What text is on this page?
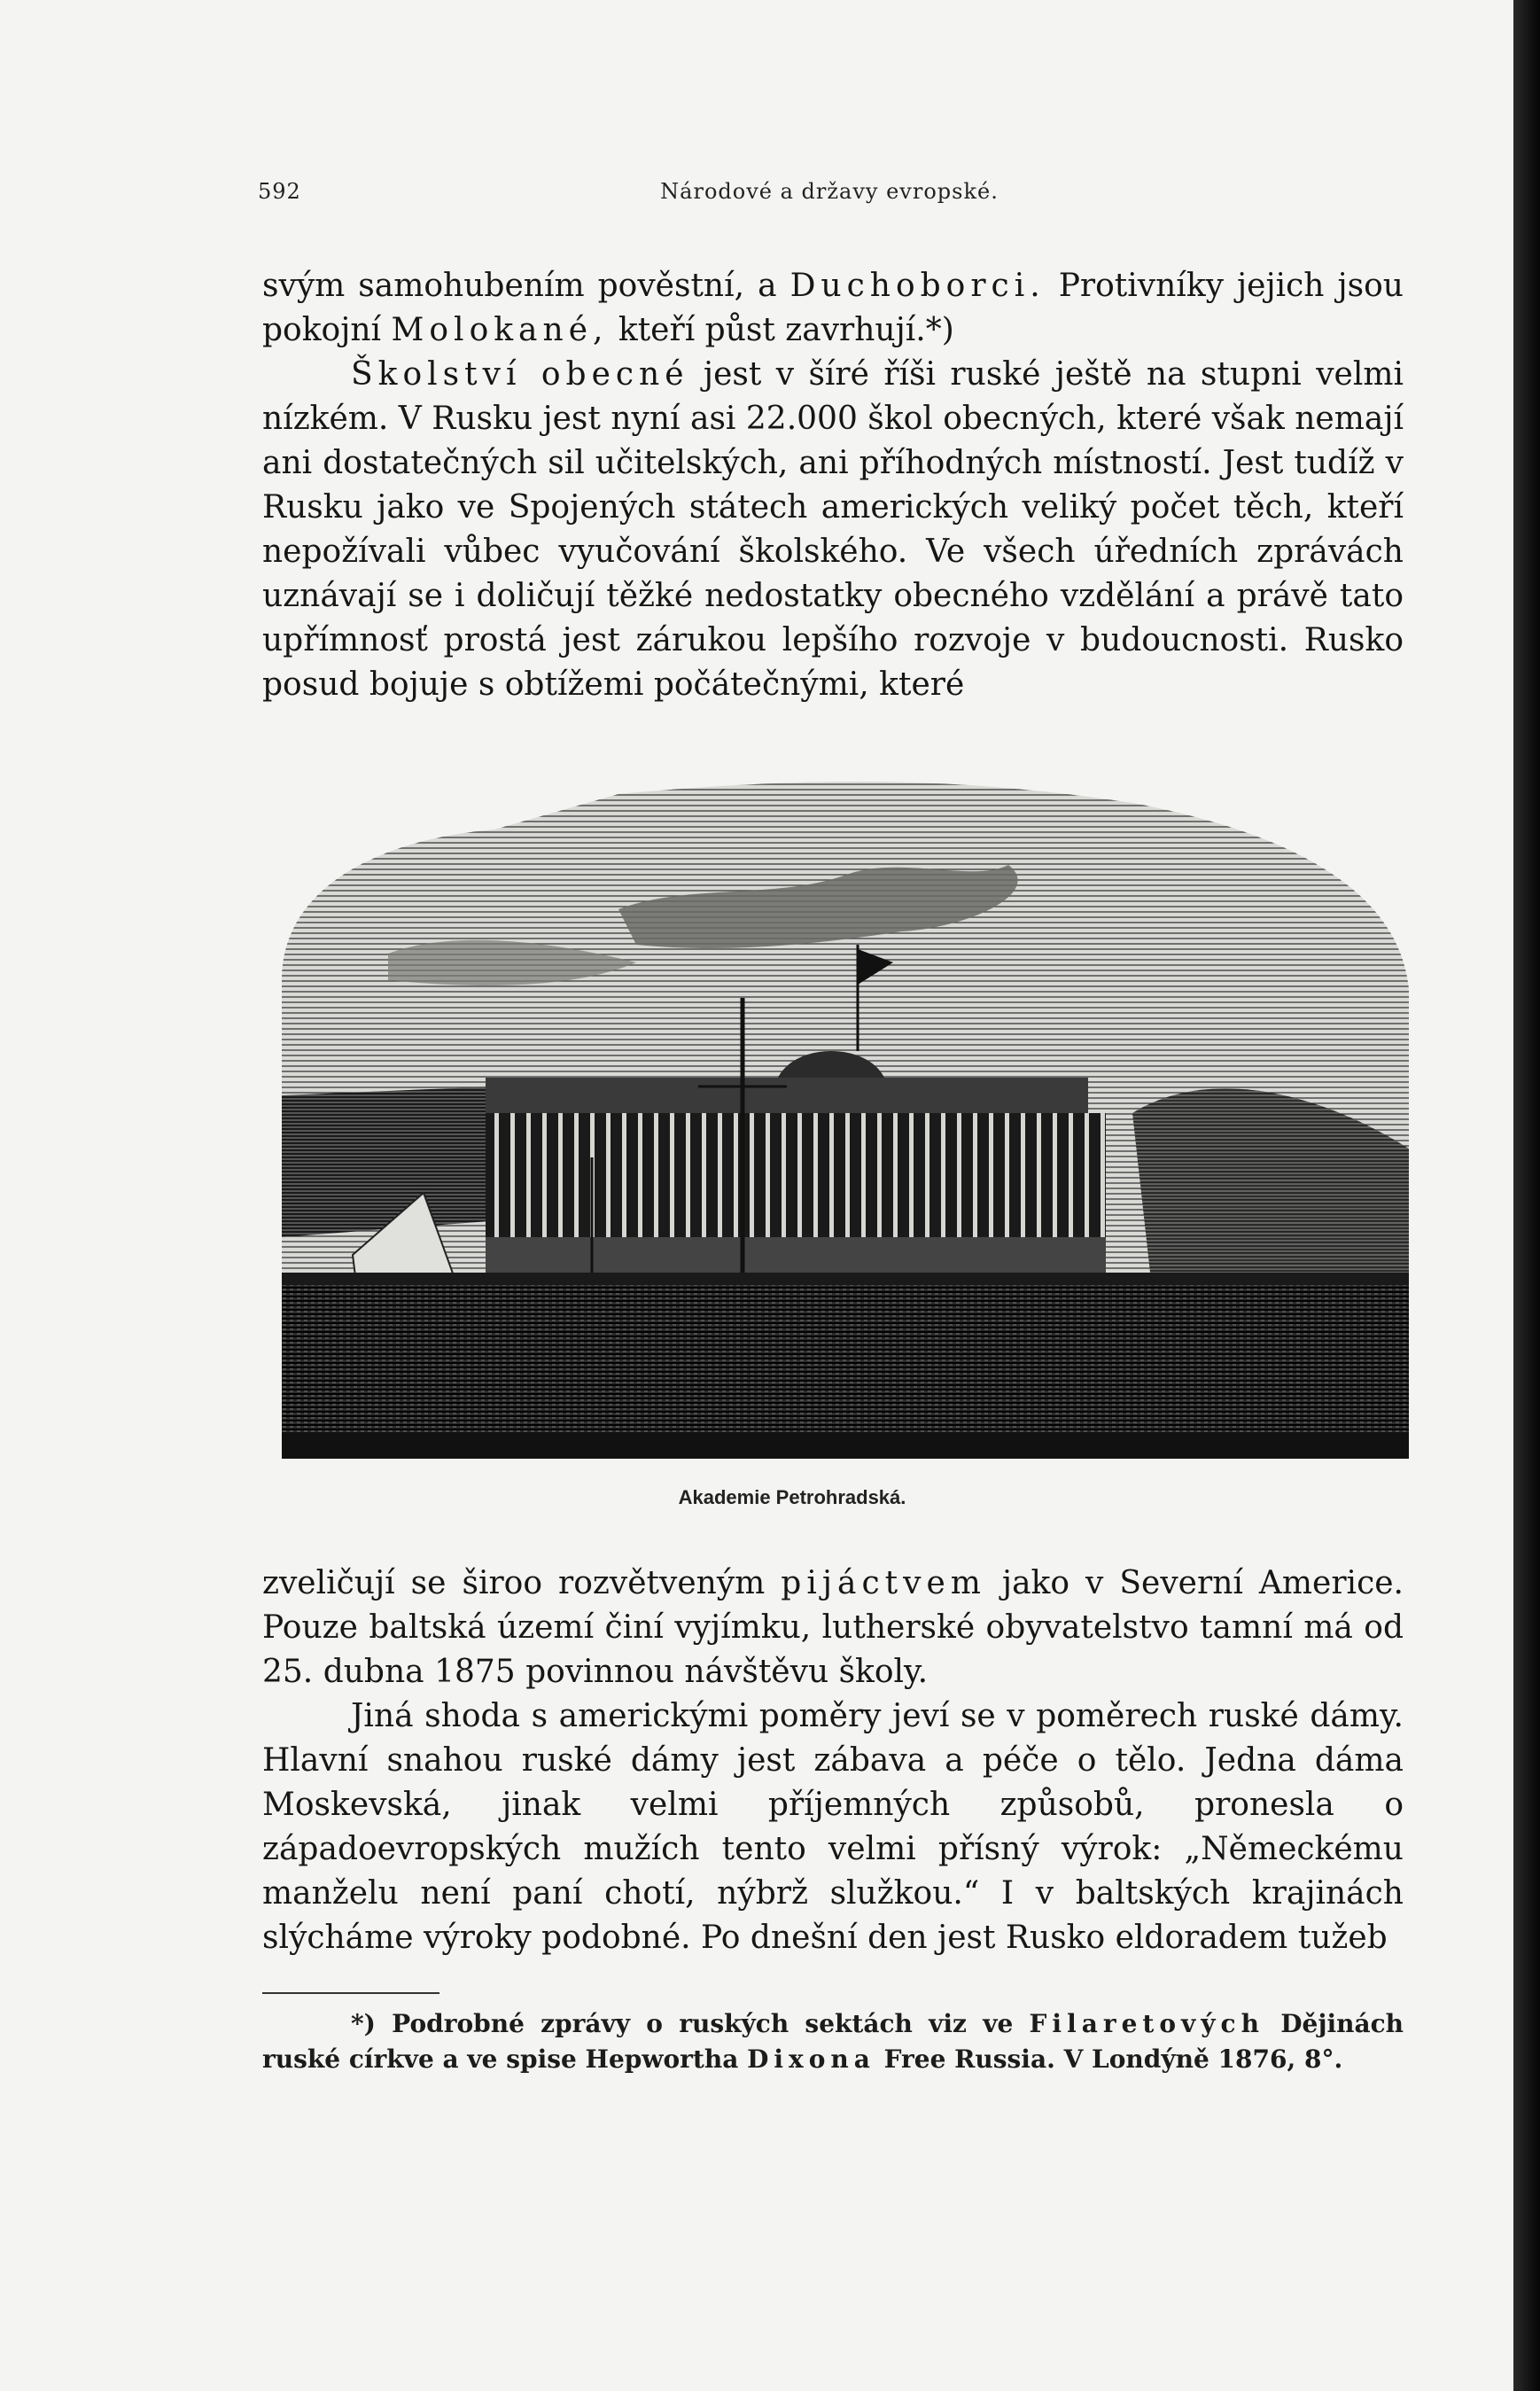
592	Národové a državy evropské.

svým samohubením pověstní, a Duchoborci. Protivníky jejich jsou pokojní Molokané, kteří půst zavrhují.*)

Školství obecné jest v šíré říši ruské ještě na stupni velmi nízkém. V Rusku jest nyní asi 22.000 škol obecných, které však nemají ani dostatečných sil učitelských, ani příhodných místností. Jest tudíž v Rusku jako ve Spojených státech amerických veliký počet těch, kteří nepožívali vůbec vyučování školského. Ve všech úředních zprávách uznávají se i doličují těžké nedostatky obecného vzdělání a právě tato upřímnosť prostá jest zárukou lepšího rozvoje v budoucnosti. Rusko posud bojuje s obtížemi počátečnými, které

Akademie Petrohradská.

zveličují se široo rozvětveným pijáctvem jako v Severní Americe. Pouze baltská území činí vyjímku, lutherské obyvatelstvo tamní má od 25. dubna 1875 povinnou návštěvu školy.

Jiná shoda s americkými poměry jeví se v poměrech ruské dámy. Hlavní snahou ruské dámy jest zábava a péče o tělo. Jedna dáma Moskevská, jinak velmi příjemných způsobů, pronesla o západoevropských mužích tento velmi přísný výrok: „Německému manželu není paní chotí, nýbrž služkou.“ I v baltských krajinách slýcháme výroky podobné. Po dnešní den jest Rusko eldoradem tužeb

*) Podrobné zprávy o ruských sektách viz ve Filaretových Dějinách ruské církve a ve spise Hepwortha Dixona Free Russia. V Londýně 1876, 8°.
